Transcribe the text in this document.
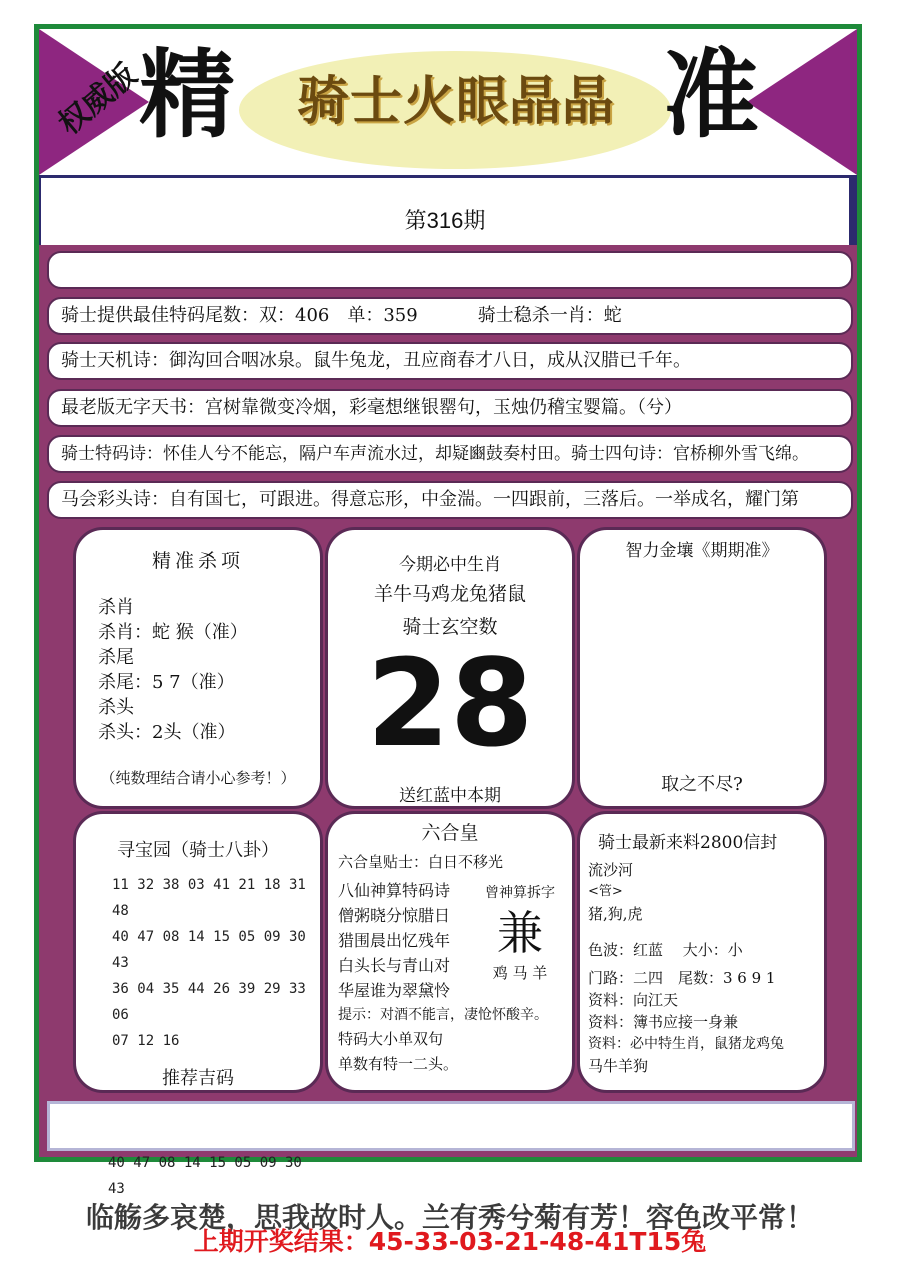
权威版
精	骑士火眼晶晶 准
第316期
骑士提供最佳特码尾数：双：406　单：359	骑士稳杀一肖：蛇
骑士天机诗：御沟回合咽冰泉。鼠牛兔龙，丑应商春才八日，成从汉腊已千年。
最老版无字天书：宫树靠微变冷烟，彩毫想继银罂句，玉烛仍稽宝婴篇。（兮）
骑士特码诗：怀佳人兮不能忘，隔户车声流水过，却疑豳鼓奏村田。骑士四句诗：官桥柳外雪飞绵。
马会彩头诗：自有国七，可跟进。得意忘形，中金湍。一四跟前，三落后。一举成名，耀门第
精准杀项
杀肖
杀肖：蛇 猴（准）
杀尾
杀尾：5 7（准）
杀头
杀头：2头（准）
（纯数理结合请小心参考！）
今期必中生肖
羊牛马鸡龙兔猪鼠
骑士玄空数
28
送红蓝中本期
智力金壤《期期准》
取之不尽?
寻宝园（骑士八卦）
11 32 38 03 41 21 18 31 48
40 47 08 14 15 05 09 30 43
36 04 35 44 26 39 29 33 06
07 12 16
推荐吉码
40 47 08 14 15 05 09 30 43
六合皇
六合皇贴士：白日不移光
八仙神算特码诗
僧粥晓分惊腊日
猎围晨出忆残年
白头长与青山对
华屋谁为翠黛怜
曾神算拆字
兼
鸡 马 羊
提示：对酒不能言，凄怆怀酸辛。
特码大小单双句
单数有特一二头。
骑士最新来料2800信封
流沙河
<管>
猪,狗,虎
色波：红蓝　 大小：小
门路：二四　尾数：3 6 9 1
资料：向江天
资料：簿书应接一身兼
资料：必中特生肖，鼠猪龙鸡兔
马牛羊狗
临觞多哀楚，思我故时人。兰有秀兮菊有芳！容色改平常！
上期开奖结果：45-33-03-21-48-41T15兔
